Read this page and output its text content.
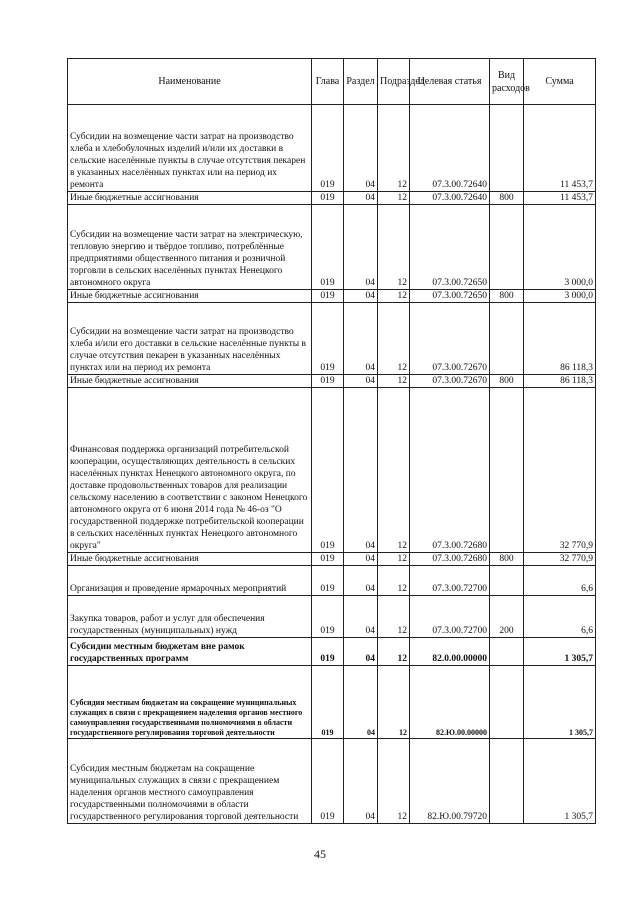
Наименование	Глава	Раздел	Подраздел	Целевая статья	Вид расходов	Сумма
Субсидии на возмещение части затрат на производство хлеба и хлебобулочных изделий и/или их доставки в сельские населённые пункты в случае отсутствия пекарен в указанных населённых пунктах или на период их ремонта	019	04	12	07.3.00.72640		11 453,7
Иные бюджетные ассигнования	019	04	12	07.3.00.72640	800	11 453,7
Субсидии на возмещение части затрат на электрическую, тепловую энергию и твёрдое топливо, потреблённые предприятиями общественного питания и розничной торговли в сельских населённых пунктах Ненецкого автономного округа	019	04	12	07.3.00.72650		3 000,0
Иные бюджетные ассигнования	019	04	12	07.3.00.72650	800	3 000,0
Субсидии на возмещение части затрат на производство хлеба и/или его доставки в сельские населённые пункты в случае отсутствия пекарен в указанных населённых пунктах или на период их ремонта	019	04	12	07.3.00.72670		86 118,3
Иные бюджетные ассигнования	019	04	12	07.3.00.72670	800	86 118,3
Финансовая поддержка организаций потребительской кооперации, осуществляющих деятельность в сельских населённых пунктах Ненецкого автономного округа, по доставке продовольственных товаров для реализации сельскому населению в соответствии с законом Ненецкого автономного округа от 6 июня 2014 года № 46-оз "О государственной поддержке потребительской кооперации в сельских населённых пунктах Ненецкого автономного округа"	019	04	12	07.3.00.72680		32 770,9
Иные бюджетные ассигнования	019	04	12	07.3.00.72680	800	32 770,9
Организация и проведение ярмарочных мероприятий	019	04	12	07.3.00.72700		6,6
Закупка товаров, работ и услуг для обеспечения государственных (муниципальных) нужд	019	04	12	07.3.00.72700	200	6,6
Субсидии местным бюджетам вне рамок государственных программ	019	04	12	82.0.00.00000		1 305,7
Субсидия местным бюджетам на сокращение муниципальных служащих в связи с прекращением наделения органов местного самоуправления государственными полномочиями в области государственного регулирования торговой деятельности	019	04	12	82.Ю.00.00000		1 305,7
Субсидия местным бюджетам на сокращение муниципальных служащих в связи с прекращением наделения органов местного самоуправления государственными полномочиями в области государственного регулирования торговой деятельности	019	04	12	82.Ю.00.79720		1 305,7
45
